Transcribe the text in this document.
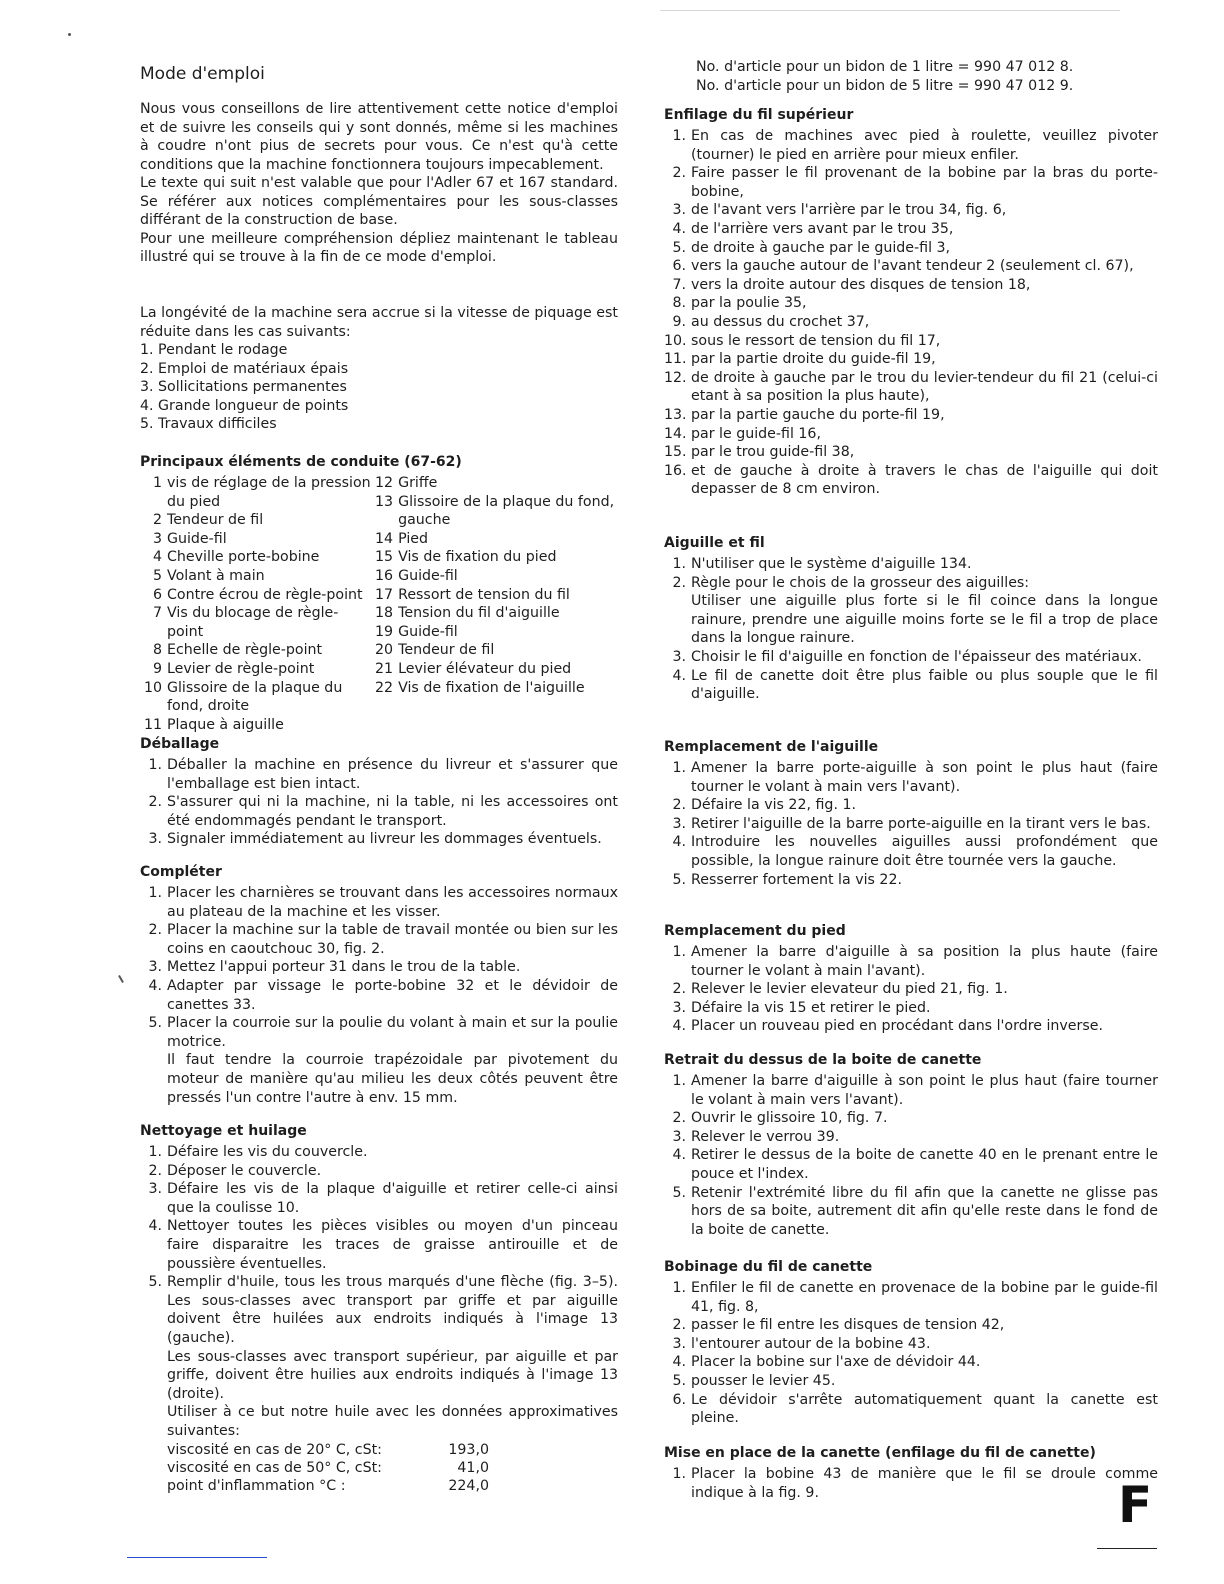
Mode d'emploi

Nous vous conseillons de lire attentivement cette notice d'emploi et de suivre les conseils qui y sont donnés, même si les machines à coudre n'ont pius de secrets pour vous. Ce n'est qu'à cette conditions que la machine fonctionnera toujours impecablement.

Le texte qui suit n'est valable que pour l'Adler 67 et 167 standard. Se référer aux notices complémentaires pour les sous-classes différant de la construction de base.

Pour une meilleure compréhension dépliez maintenant le tableau illustré qui se trouve à la fin de ce mode d'emploi.

La longévité de la machine sera accrue si la vitesse de piquage est réduite dans les cas suivants:

1. Pendant le rodage
2. Emploi de matériaux épais
3. Sollicitations permanentes
4. Grande longueur de points
5. Travaux difficiles
Principaux éléments de conduite (67-62)
1 vis de réglage de la pression du pied
2 Tendeur de fil
3 Guide-fil
4 Cheville porte-bobine
5 Volant à main
6 Contre écrou de règle-point
7 Vis du blocage de règle-point
8 Echelle de règle-point
9 Levier de règle-point
10 Glissoire de la plaque du fond, droite
11 Plaque à aiguille
12 Griffe
13 Glissoire de la plaque du fond, gauche
14 Pied
15 Vis de fixation du pied
16 Guide-fil
17 Ressort de tension du fil
18 Tension du fil d'aiguille
19 Guide-fil
20 Tendeur de fil
21 Levier élévateur du pied
22 Vis de fixation de l'aiguille
Déballage
1. Déballer la machine en présence du livreur et s'assurer que l'emballage est bien intact.
2. S'assurer qui ni la machine, ni la table, ni les accessoires ont été endommagés pendant le transport.
3. Signaler immédiatement au livreur les dommages éventuels.
Compléter
1. Placer les charnières se trouvant dans les accessoires normaux au plateau de la machine et les visser.
2. Placer la machine sur la table de travail montée ou bien sur les coins en caoutchouc 30, fig. 2.
3. Mettez l'appui porteur 31 dans le trou de la table.
4. Adapter par vissage le porte-bobine 32 et le dévidoir de canettes 33.
5. Placer la courroie sur la poulie du volant à main et sur la poulie motrice.
Il faut tendre la courroie trapézoidale par pivotement du moteur de manière qu'au milieu les deux côtés peuvent être pressés l'un contre l'autre à env. 15 mm.
Nettoyage et huilage
1. Défaire les vis du couvercle.
2. Déposer le couvercle.
3. Défaire les vis de la plaque d'aiguille et retirer celle-ci ainsi que la coulisse 10.
4. Nettoyer toutes les pièces visibles ou moyen d'un pinceau faire disparaitre les traces de graisse antirouille et de poussière éventuelles.
5. Remplir d'huile, tous les trous marqués d'une flèche (fig. 3–5). Les sous-classes avec transport par griffe et par aiguille doivent être huilées aux endroits indiqués à l'image 13 (gauche).
Les sous-classes avec transport supérieur, par aiguille et par griffe, doivent être huilies aux endroits indiqués à l'image 13 (droite).
Utiliser à ce but notre huile avec les données approximatives suivantes:
viscosité en cas de 20° C, cSt:	193,0
viscosité en cas de 50° C, cSt:	41,0
point d'inflammation °C :	224,0
No. d'article pour un bidon de 1 litre = 990 47 012 8.
No. d'article pour un bidon de 5 litre = 990 47 012 9.
Enfilage du fil supérieur
1. En cas de machines avec pied à roulette, veuillez pivoter (tourner) le pied en arrière pour mieux enfiler.
2. Faire passer le fil provenant de la bobine par la bras du porte-bobine,
3. de l'avant vers l'arrière par le trou 34, fig. 6,
4. de l'arrière vers avant par le trou 35,
5. de droite à gauche par le guide-fil 3,
6. vers la gauche autour de l'avant tendeur 2 (seulement cl. 67),
7. vers la droite autour des disques de tension 18,
8. par la poulie 35,
9. au dessus du crochet 37,
10. sous le ressort de tension du fil 17,
11. par la partie droite du guide-fil 19,
12. de droite à gauche par le trou du levier-tendeur du fil 21 (celui-ci etant à sa position la plus haute),
13. par la partie gauche du porte-fil 19,
14. par le guide-fil 16,
15. par le trou guide-fil 38,
16. et de gauche à droite à travers le chas de l'aiguille qui doit depasser de 8 cm environ.
Aiguille et fil
1. N'utiliser que le système d'aiguille 134.
2. Règle pour le chois de la grosseur des aiguilles:
Utiliser une aiguille plus forte si le fil coince dans la longue rainure, prendre une aiguille moins forte se le fil a trop de place dans la longue rainure.
3. Choisir le fil d'aiguille en fonction de l'épaisseur des matériaux.
4. Le fil de canette doit être plus faible ou plus souple que le fil d'aiguille.
Remplacement de l'aiguille
1. Amener la barre porte-aiguille à son point le plus haut (faire tourner le volant à main vers l'avant).
2. Défaire la vis 22, fig. 1.
3. Retirer l'aiguille de la barre porte-aiguille en la tirant vers le bas.
4. Introduire les nouvelles aiguilles aussi profondément que possible, la longue rainure doit être tournée vers la gauche.
5. Resserrer fortement la vis 22.
Remplacement du pied
1. Amener la barre d'aiguille à sa position la plus haute (faire tourner le volant à main l'avant).
2. Relever le levier elevateur du pied 21, fig. 1.
3. Défaire la vis 15 et retirer le pied.
4. Placer un rouveau pied en procédant dans l'ordre inverse.
Retrait du dessus de la boite de canette
1. Amener la barre d'aiguille à son point le plus haut (faire tourner le volant à main vers l'avant).
2. Ouvrir le glissoire 10, fig. 7.
3. Relever le verrou 39.
4. Retirer le dessus de la boite de canette 40 en le prenant entre le pouce et l'index.
5. Retenir l'extrémité libre du fil afin que la canette ne glisse pas hors de sa boite, autrement dit afin qu'elle reste dans le fond de la boite de canette.
Bobinage du fil de canette
1. Enfiler le fil de canette en provenace de la bobine par le guide-fil 41, fig. 8,
2. passer le fil entre les disques de tension 42,
3. l'entourer autour de la bobine 43.
4. Placer la bobine sur l'axe de dévidoir 44.
5. pousser le levier 45.
6. Le dévidoir s'arrête automatiquement quant la canette est pleine.
Mise en place de la canette (enfilage du fil de canette)
1. Placer la bobine 43 de manière que le fil se droule comme indique à la fig. 9.	F
